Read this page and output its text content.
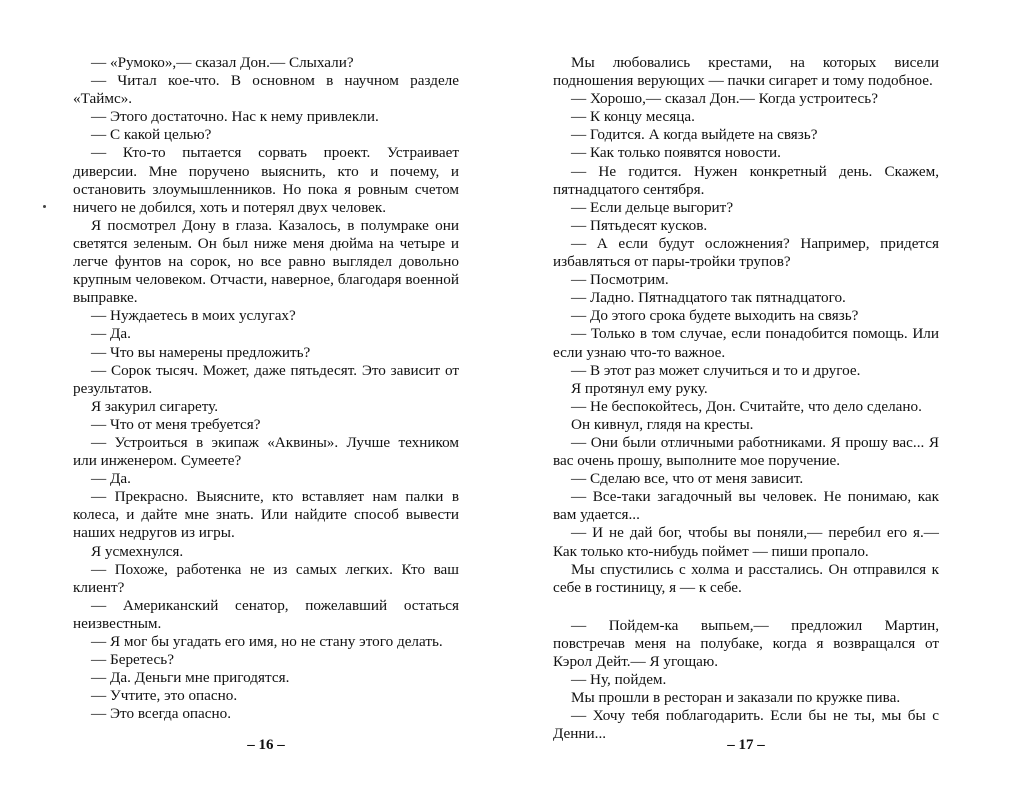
— «Румоко»,— сказал Дон.— Слыхали?

— Читал кое-что. В основном в научном разделе «Таймс».

— Этого достаточно. Нас к нему привлекли.

— С какой целью?

— Кто-то пытается сорвать проект. Устраивает диверсии. Мне поручено выяснить, кто и почему, и остановить злоумышленников. Но пока я ровным счетом ничего не добился, хоть и потерял двух человек.

Я посмотрел Дону в глаза. Казалось, в полумраке они светятся зеленым. Он был ниже меня дюйма на четыре и легче фунтов на сорок, но все равно выглядел довольно крупным человеком. Отчасти, наверное, благодаря военной выправке.

— Нуждаетесь в моих услугах?

— Да.

— Что вы намерены предложить?

— Сорок тысяч. Может, даже пятьдесят. Это зависит от результатов.

Я закурил сигарету.

— Что от меня требуется?

— Устроиться в экипаж «Аквины». Лучше техником или инженером. Сумеете?

— Да.

— Прекрасно. Выясните, кто вставляет нам палки в колеса, и дайте мне знать. Или найдите способ вывести наших недругов из игры.

Я усмехнулся.

— Похоже, работенка не из самых легких. Кто ваш клиент?

— Американский сенатор, пожелавший остаться неизвестным.

— Я мог бы угадать его имя, но не стану этого делать.

— Беретесь?

— Да. Деньги мне пригодятся.

— Учтите, это опасно.

— Это всегда опасно.

– 16 –

Мы любовались крестами, на которых висели подношения верующих — пачки сигарет и тому подобное.

— Хорошо,— сказал Дон.— Когда устроитесь?

— К концу месяца.

— Годится. А когда выйдете на связь?

— Как только появятся новости.

— Не годится. Нужен конкретный день. Скажем, пятнадцатого сентября.

— Если дельце выгорит?

— Пятьдесят кусков.

— А если будут осложнения? Например, придется избавляться от пары-тройки трупов?

— Посмотрим.

— Ладно. Пятнадцатого так пятнадцатого.

— До этого срока будете выходить на связь?

— Только в том случае, если понадобится помощь. Или если узнаю что-то важное.

— В этот раз может случиться и то и другое.

Я протянул ему руку.

— Не беспокойтесь, Дон. Считайте, что дело сделано.

Он кивнул, глядя на кресты.

— Они были отличными работниками. Я прошу вас... Я вас очень прошу, выполните мое поручение.

— Сделаю все, что от меня зависит.

— Все-таки загадочный вы человек. Не понимаю, как вам удается...

— И не дай бог, чтобы вы поняли,— перебил его я.— Как только кто-нибудь поймет — пиши пропало.

Мы спустились с холма и расстались. Он отправился к себе в гостиницу, я — к себе.

— Пойдем-ка выпьем,— предложил Мартин, повстречав меня на полубаке, когда я возвращался от Кэрол Дейт.— Я угощаю.

— Ну, пойдем.

Мы прошли в ресторан и заказали по кружке пива.

— Хочу тебя поблагодарить. Если бы не ты, мы бы с Денни...

– 17 –
